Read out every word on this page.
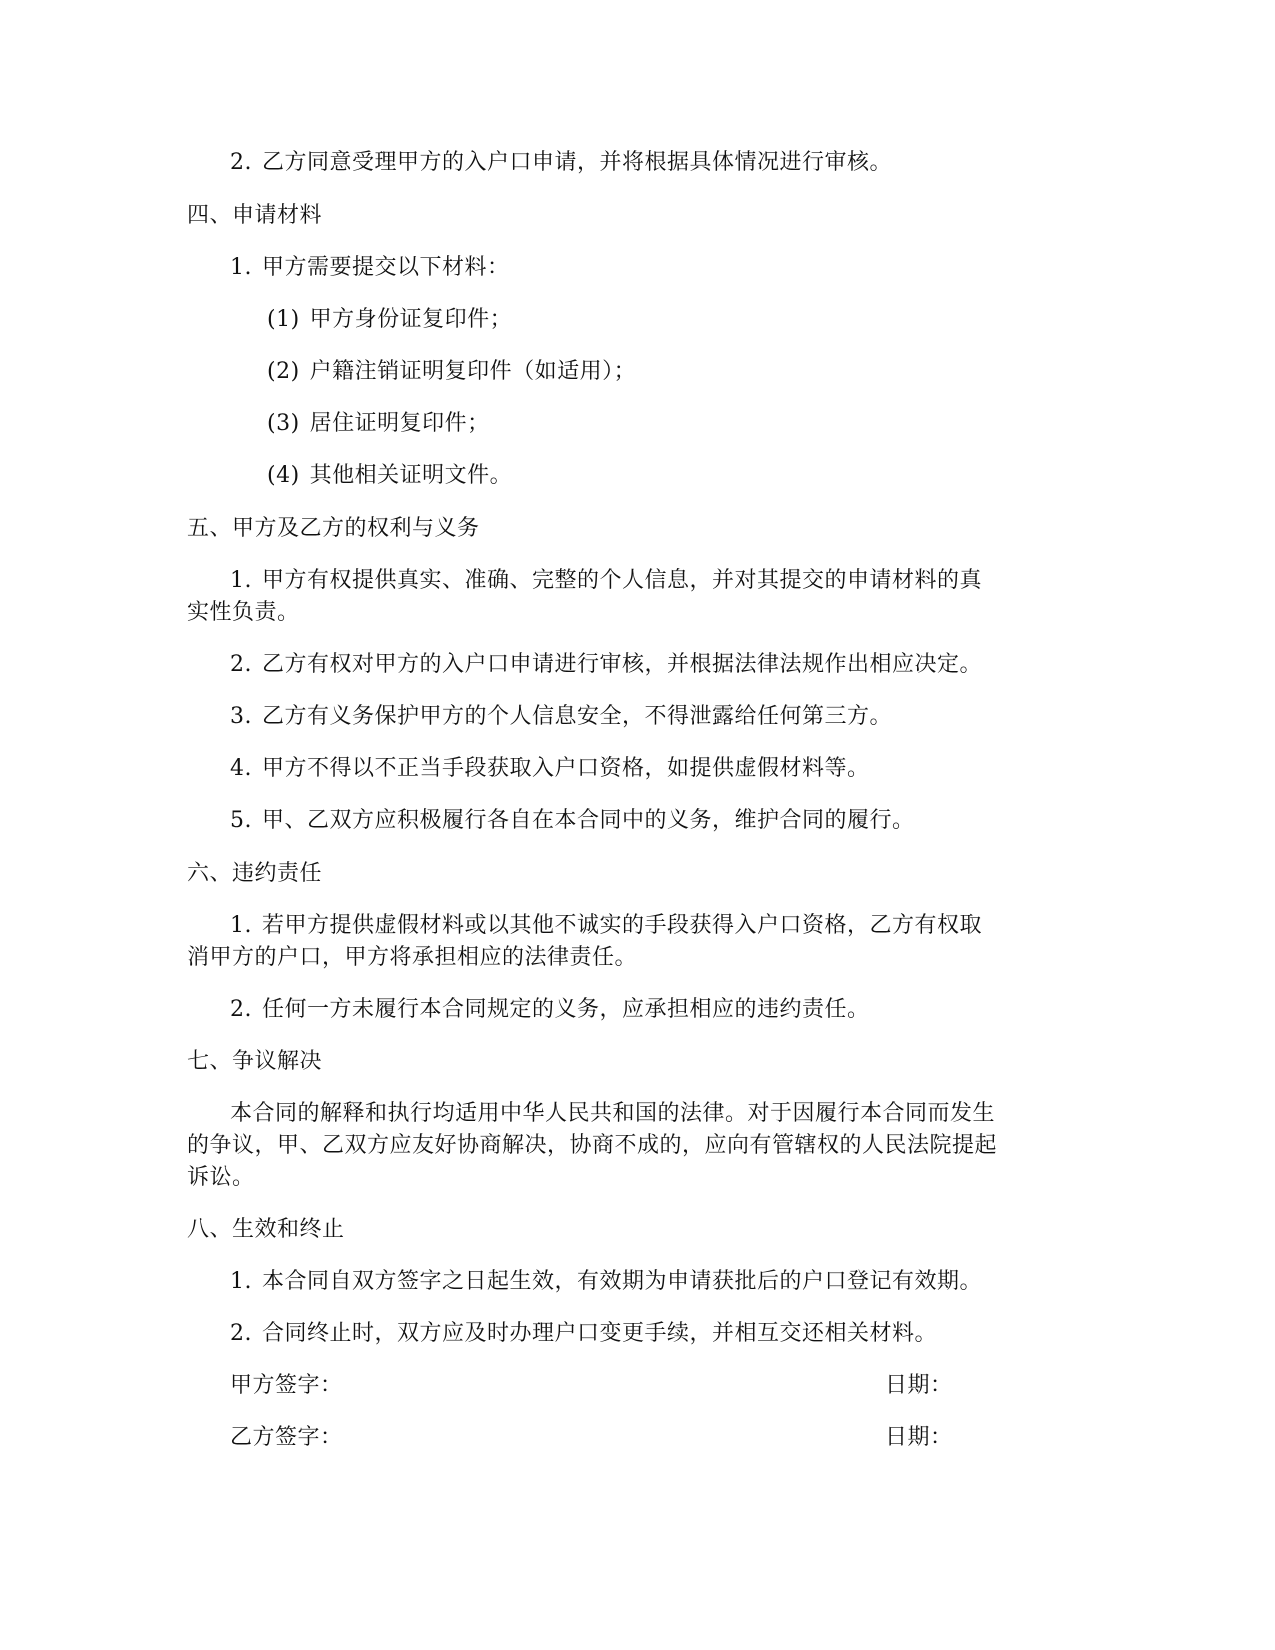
2. 乙方同意受理甲方的入户口申请，并将根据具体情况进行审核。
四、申请材料
1. 甲方需要提交以下材料：
(1) 甲方身份证复印件；
(2) 户籍注销证明复印件（如适用）；
(3) 居住证明复印件；
(4) 其他相关证明文件。
五、甲方及乙方的权利与义务
1. 甲方有权提供真实、准确、完整的个人信息，并对其提交的申请材料的真
实性负责。
2. 乙方有权对甲方的入户口申请进行审核，并根据法律法规作出相应决定。
3. 乙方有义务保护甲方的个人信息安全，不得泄露给任何第三方。
4. 甲方不得以不正当手段获取入户口资格，如提供虚假材料等。
5. 甲、乙双方应积极履行各自在本合同中的义务，维护合同的履行。
六、违约责任
1. 若甲方提供虚假材料或以其他不诚实的手段获得入户口资格，乙方有权取
消甲方的户口，甲方将承担相应的法律责任。
2. 任何一方未履行本合同规定的义务，应承担相应的违约责任。
七、争议解决
本合同的解释和执行均适用中华人民共和国的法律。对于因履行本合同而发生
的争议，甲、乙双方应友好协商解决，协商不成的，应向有管辖权的人民法院提起
诉讼。
八、生效和终止
1. 本合同自双方签字之日起生效，有效期为申请获批后的户口登记有效期。
2. 合同终止时，双方应及时办理户口变更手续，并相互交还相关材料。
甲方签字：	日期：
乙方签字：	日期：
